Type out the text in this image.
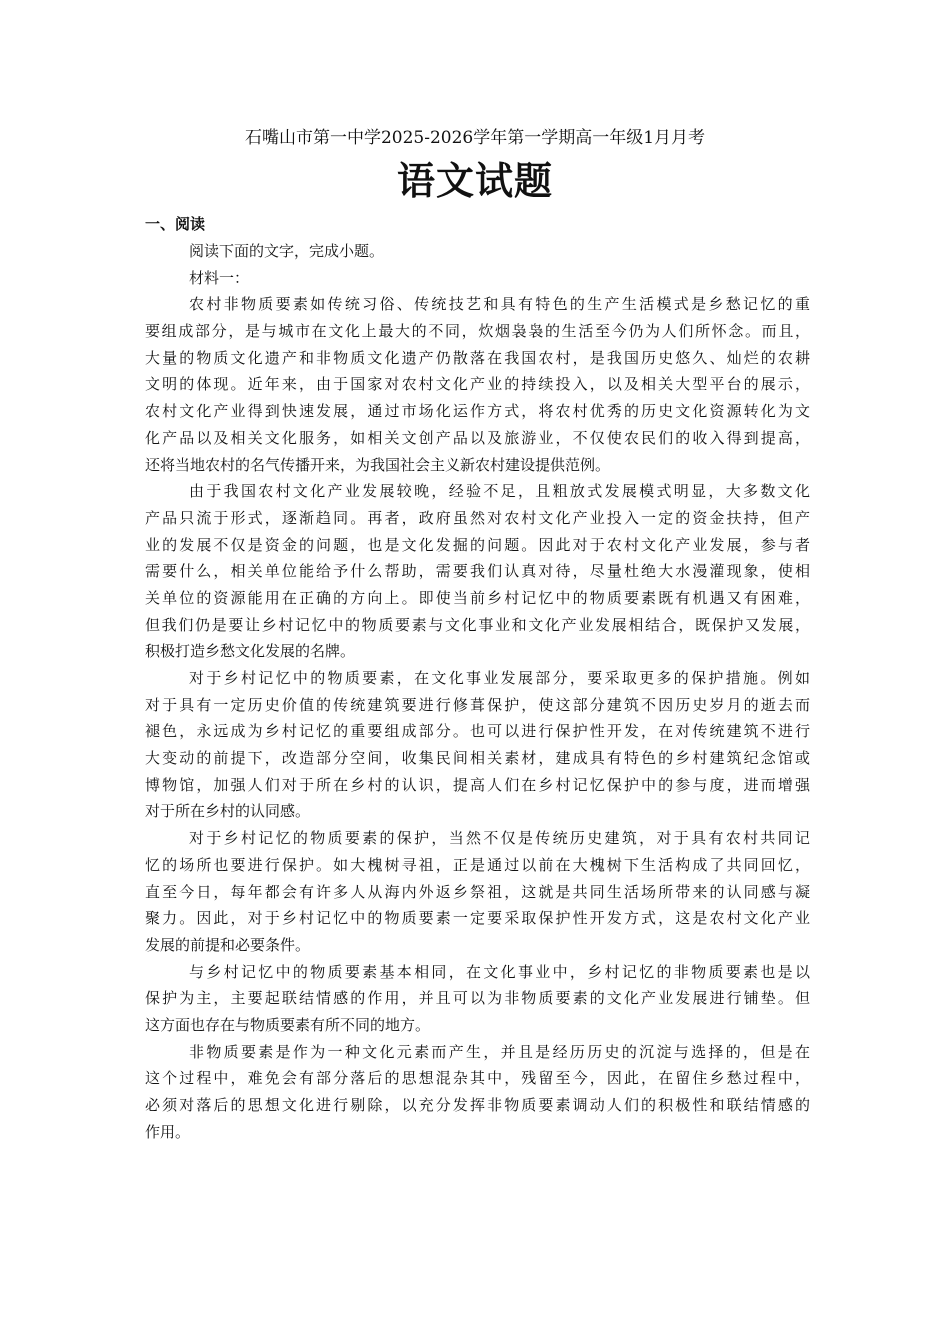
石嘴山市第一中学2025-2026学年第一学期高一年级1月月考
语文试题
一、阅读
阅读下面的文字，完成小题。
材料一：
农村非物质要素如传统习俗、传统技艺和具有特色的生产生活模式是乡愁记忆的重
要组成部分，是与城市在文化上最大的不同，炊烟袅袅的生活至今仍为人们所怀念。而且，
大量的物质文化遗产和非物质文化遗产仍散落在我国农村，是我国历史悠久、灿烂的农耕
文明的体现。近年来，由于国家对农村文化产业的持续投入，以及相关大型平台的展示，
农村文化产业得到快速发展，通过市场化运作方式，将农村优秀的历史文化资源转化为文
化产品以及相关文化服务，如相关文创产品以及旅游业，不仅使农民们的收入得到提高，
还将当地农村的名气传播开来，为我国社会主义新农村建设提供范例。
由于我国农村文化产业发展较晚，经验不足，且粗放式发展模式明显，大多数文化
产品只流于形式，逐渐趋同。再者，政府虽然对农村文化产业投入一定的资金扶持，但产
业的发展不仅是资金的问题，也是文化发掘的问题。因此对于农村文化产业发展，参与者
需要什么，相关单位能给予什么帮助，需要我们认真对待，尽量杜绝大水漫灌现象，使相
关单位的资源能用在正确的方向上。即使当前乡村记忆中的物质要素既有机遇又有困难，
但我们仍是要让乡村记忆中的物质要素与文化事业和文化产业发展相结合，既保护又发展，
积极打造乡愁文化发展的名牌。
对于乡村记忆中的物质要素，在文化事业发展部分，要采取更多的保护措施。例如
对于具有一定历史价值的传统建筑要进行修葺保护，使这部分建筑不因历史岁月的逝去而
褪色，永远成为乡村记忆的重要组成部分。也可以进行保护性开发，在对传统建筑不进行
大变动的前提下，改造部分空间，收集民间相关素材，建成具有特色的乡村建筑纪念馆或
博物馆，加强人们对于所在乡村的认识，提高人们在乡村记忆保护中的参与度，进而增强
对于所在乡村的认同感。
对于乡村记忆的物质要素的保护，当然不仅是传统历史建筑，对于具有农村共同记
忆的场所也要进行保护。如大槐树寻祖，正是通过以前在大槐树下生活构成了共同回忆，
直至今日，每年都会有许多人从海内外返乡祭祖，这就是共同生活场所带来的认同感与凝
聚力。因此，对于乡村记忆中的物质要素一定要采取保护性开发方式，这是农村文化产业
发展的前提和必要条件。
与乡村记忆中的物质要素基本相同，在文化事业中，乡村记忆的非物质要素也是以
保护为主，主要起联结情感的作用，并且可以为非物质要素的文化产业发展进行铺垫。但
这方面也存在与物质要素有所不同的地方。
非物质要素是作为一种文化元素而产生，并且是经历历史的沉淀与选择的，但是在
这个过程中，难免会有部分落后的思想混杂其中，残留至今，因此，在留住乡愁过程中，
必须对落后的思想文化进行剔除，以充分发挥非物质要素调动人们的积极性和联结情感的
作用。
